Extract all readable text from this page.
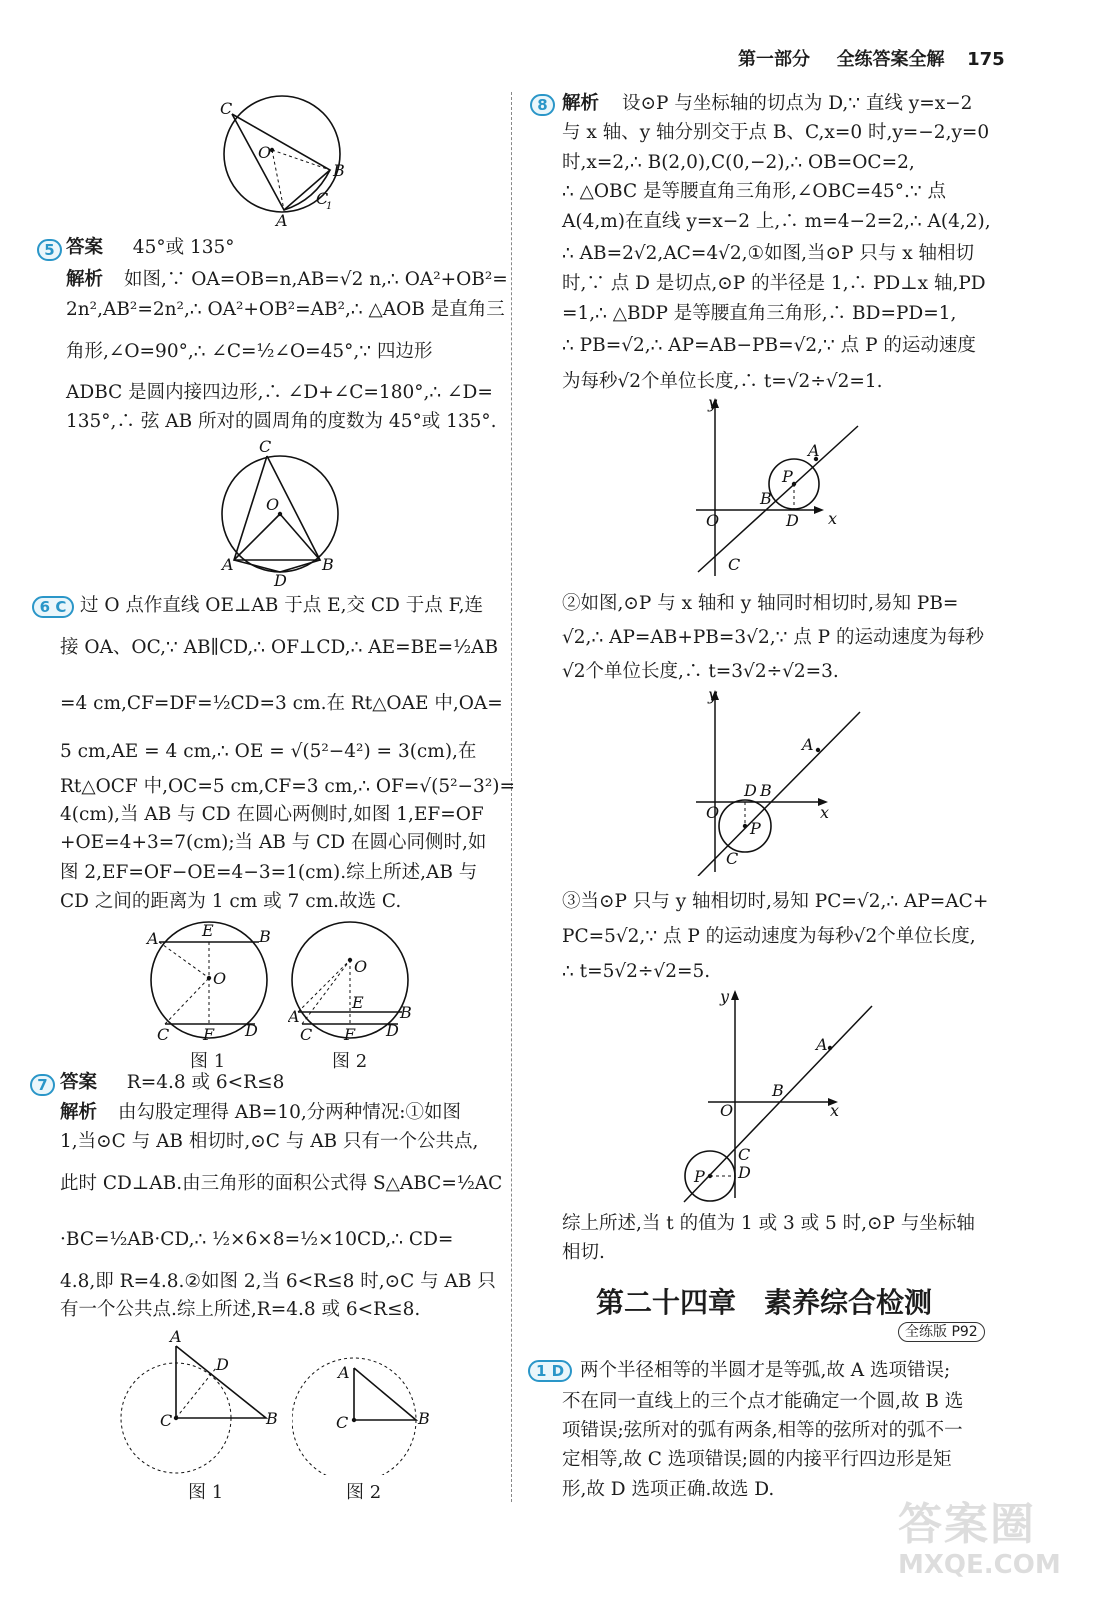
第一部分 全练答案全解 175
C
O
B
C
1
A
5 答案 45°或 135°
解析 如图,∵ OA=OB=n,AB=√2 n,∴ OA²+OB²=
2n²,AB²=2n²,∴ OA²+OB²=AB²,∴ △AOB 是直角三
角形,∠O=90°,∴ ∠C=½∠O=45°,∵ 四边形
ADBC 是圆内接四边形,∴ ∠D+∠C=180°,∴ ∠D=
135°,∴ 弦 AB 所对的圆周角的度数为 45°或 135°.
C
O
A	B
D
6 C 过 O 点作直线 OE⊥AB 于点 E,交 CD 于点 F,连
接 OA、OC,∵ AB∥CD,∴ OF⊥CD,∴ AE=BE=½AB
=4 cm,CF=DF=½CD=3 cm.在 Rt△OAE 中,OA=
5 cm,AE = 4 cm,∴ OE = √(5²−4²) = 3(cm),在
Rt△OCF 中,OC=5 cm,CF=3 cm,∴ OF=√(5²−3²)=
4(cm),当 AB 与 CD 在圆心两侧时,如图 1,EF=OF
+OE=4+3=7(cm);当 AB 与 CD 在圆心同侧时,如
图 2,EF=OF−OE=4−3=1(cm).综上所述,AB 与
CD 之间的距离为 1 cm 或 7 cm.故选 C.
A	E	B
O
C F D
图 1
O
E
A	B
C F D
图 2
7 答案 R=4.8 或 6<R≤8
解析 由勾股定理得 AB=10,分两种情况:①如图
1,当⊙C 与 AB 相切时,⊙C 与 AB 只有一个公共点,
此时 CD⊥AB.由三角形的面积公式得 S△ABC=½AC
·BC=½AB·CD,∴ ½×6×8=½×10CD,∴ CD=
4.8,即 R=4.8.②如图 2,当 6<R≤8 时,⊙C 与 AB 只
有一个公共点.综上所述,R=4.8 或 6<R≤8.
A
D
C	B
图 1
A
C	B
图 2
8 解析 设⊙P 与坐标轴的切点为 D,∵ 直线 y=x−2
与 x 轴、y 轴分别交于点 B、C,x=0 时,y=−2,y=0
时,x=2,∴ B(2,0),C(0,−2),∴ OB=OC=2,
∴ △OBC 是等腰直角三角形,∠OBC=45°.∵ 点
A(4,m)在直线 y=x−2 上,∴ m=4−2=2,∴ A(4,2),
∴ AB=2√2,AC=4√2,①如图,当⊙P 只与 x 轴相切
时,∵ 点 D 是切点,⊙P 的半径是 1,∴ PD⊥x 轴,PD
=1,∴ △BDP 是等腰直角三角形,∴ BD=PD=1,
∴ PB=√2,∴ AP=AB−PB=√2,∵ 点 P 的运动速度
为每秒√2个单位长度,∴ t=√2÷√2=1.
y
x
O
P
A
B
D
C
②如图,⊙P 与 x 轴和 y 轴同时相切时,易知 PB=
√2,∴ AP=AB+PB=3√2,∵ 点 P 的运动速度为每秒
√2个单位长度,∴ t=3√2÷√2=3.
y
x
O
D B
P
A
C
③当⊙P 只与 y 轴相切时,易知 PC=√2,∴ AP=AC+
PC=5√2,∵ 点 P 的运动速度为每秒√2个单位长度,
∴ t=5√2÷√2=5.
y
x
O
B
A
C
D
P
综上所述,当 t 的值为 1 或 3 或 5 时,⊙P 与坐标轴
相切.
第二十四章　素养综合检测
全练版 P92
1 D 两个半径相等的半圆才是等弧,故 A 选项错误;
不在同一直线上的三个点才能确定一个圆,故 B 选
项错误;弦所对的弧有两条,相等的弦所对的弧不一
定相等,故 C 选项错误;圆的内接平行四边形是矩
形,故 D 选项正确.故选 D.
答案圈
MXQE.COM
